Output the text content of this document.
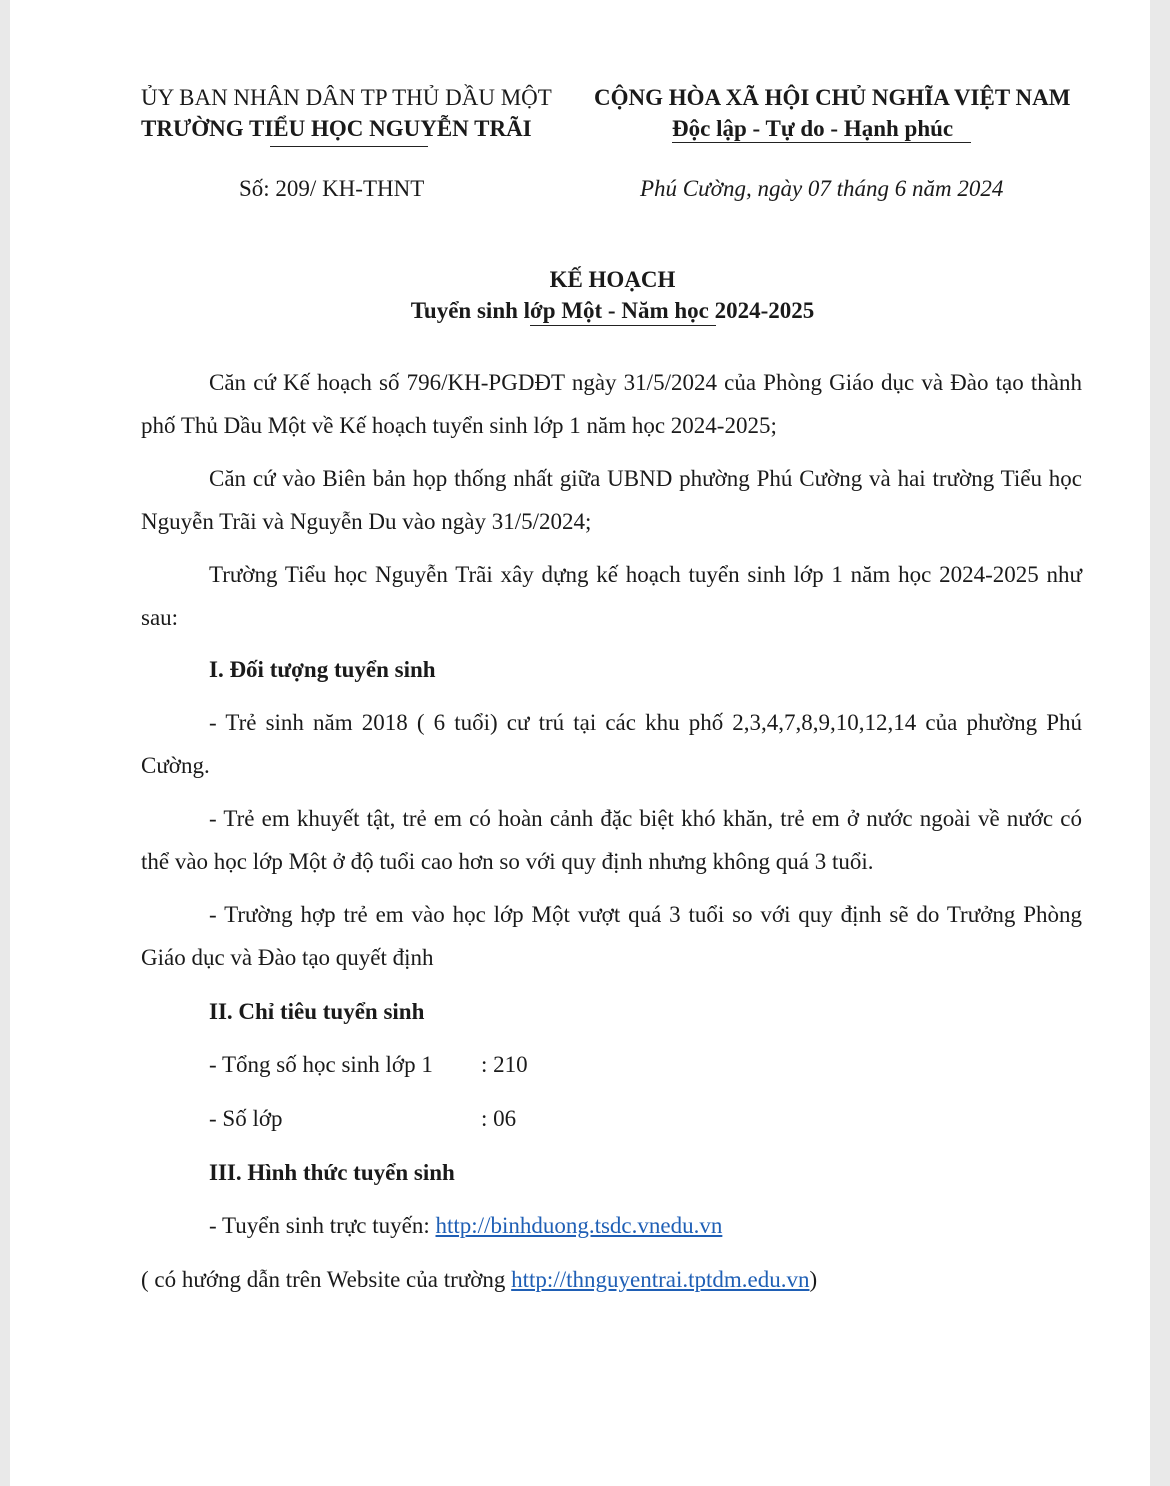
ỦY BAN NHÂN DÂN TP THỦ DẦU MỘT
TRƯỜNG TIỂU HỌC NGUYỄN TRÃI
CỘNG HÒA XÃ HỘI CHỦ NGHĨA VIỆT NAM
Độc lập - Tự do - Hạnh phúc
Số: 209/ KH-THNT	Phú Cường, ngày 07 tháng 6 năm 2024
KẾ HOẠCH
Tuyển sinh lớp Một - Năm học 2024-2025
Căn cứ Kế hoạch số 796/KH-PGDĐT ngày 31/5/2024 của Phòng Giáo dục và Đào tạo thành phố Thủ Dầu Một về Kế hoạch tuyển sinh lớp 1 năm học 2024-2025;
Căn cứ vào Biên bản họp thống nhất giữa UBND phường Phú Cường và hai trường Tiểu học Nguyễn Trãi và Nguyễn Du vào ngày 31/5/2024;
Trường Tiểu học Nguyễn Trãi xây dựng kế hoạch tuyển sinh lớp 1 năm học 2024-2025 như sau:
I. Đối tượng tuyển sinh
- Trẻ sinh năm 2018 ( 6 tuổi) cư trú tại các khu phố 2,3,4,7,8,9,10,12,14 của phường Phú Cường.
- Trẻ em khuyết tật, trẻ em có hoàn cảnh đặc biệt khó khăn, trẻ em ở nước ngoài về nước có thể vào học lớp Một ở độ tuổi cao hơn so với quy định nhưng không quá 3 tuổi.
- Trường hợp trẻ em vào học lớp Một vượt quá 3 tuổi so với quy định sẽ do Trưởng Phòng Giáo dục và Đào tạo quyết định
II. Chỉ tiêu tuyển sinh
- Tổng số học sinh lớp 1 : 210
- Số lớp	: 06
III. Hình thức tuyển sinh
- Tuyển sinh trực tuyến: http://binhduong.tsdc.vnedu.vn
( có hướng dẫn trên Website của trường http://thnguyentrai.tptdm.edu.vn)
